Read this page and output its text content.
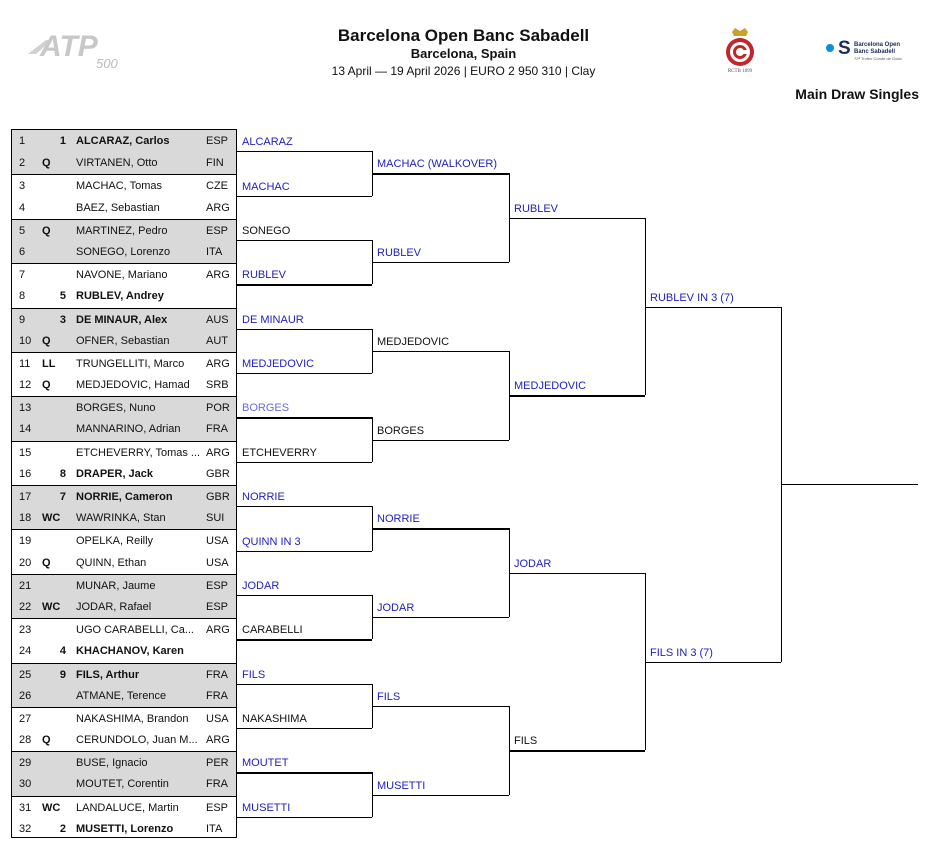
ATP
500
Barcelona Open Banc Sabadell
Barcelona, Spain
13 April — 19 April 2026 | EURO 2 950 310 | Clay	RCTB 1899
S Barcelona Open Banc Sabadell
72ª Trofeo Conde de Godo
Main Draw Singles
1	1 ALCARAZ, Carlos	ESP
2 Q VIRTANEN, Otto	FIN
3	MACHAC, Tomas	CZE
4	BAEZ, Sebastian	ARG
5 Q MARTINEZ, Pedro	ESP
6	SONEGO, Lorenzo	ITA
7	NAVONE, Mariano	ARG
8	5 RUBLEV, Andrey
9	3 DE MINAUR, Alex	AUS
10 Q OFNER, Sebastian	AUT
11 LL TRUNGELLITI, Marco	ARG
12 Q MEDJEDOVIC, Hamad	SRB
13	BORGES, Nuno	POR
14	MANNARINO, Adrian	FRA
15	ETCHEVERRY, Tomas ... ARG
16	8 DRAPER, Jack	GBR
17	7 NORRIE, Cameron	GBR
18 WC WAWRINKA, Stan	SUI
19	OPELKA, Reilly	USA
20 Q QUINN, Ethan	USA
21	MUNAR, Jaume	ESP
22 WC JODAR, Rafael	ESP
23	UGO CARABELLI, Ca...	ARG
24	4 KHACHANOV, Karen
25	9 FILS, Arthur	FRA
26	ATMANE, Terence	FRA
27	NAKASHIMA, Brandon	USA
28 Q CERUNDOLO, Juan M... ARG
29	BUSE, Ignacio	PER
30	MOUTET, Corentin	FRA
31 WC LANDALUCE, Martin	ESP
32	2 MUSETTI, Lorenzo	ITA
ALCARAZ
MACHAC
SONEGO
RUBLEV
DE MINAUR
MEDJEDOVIC
BORGES
ETCHEVERRY
NORRIE
QUINN IN 3
JODAR
CARABELLI
FILS
NAKASHIMA
MOUTET
MUSETTI
MACHAC (WALKOVER)
RUBLEV
MEDJEDOVIC
BORGES
NORRIE
JODAR
FILS
MUSETTI
RUBLEV
MEDJEDOVIC
JODAR
FILS
RUBLEV IN 3 (7)
FILS IN 3 (7)
